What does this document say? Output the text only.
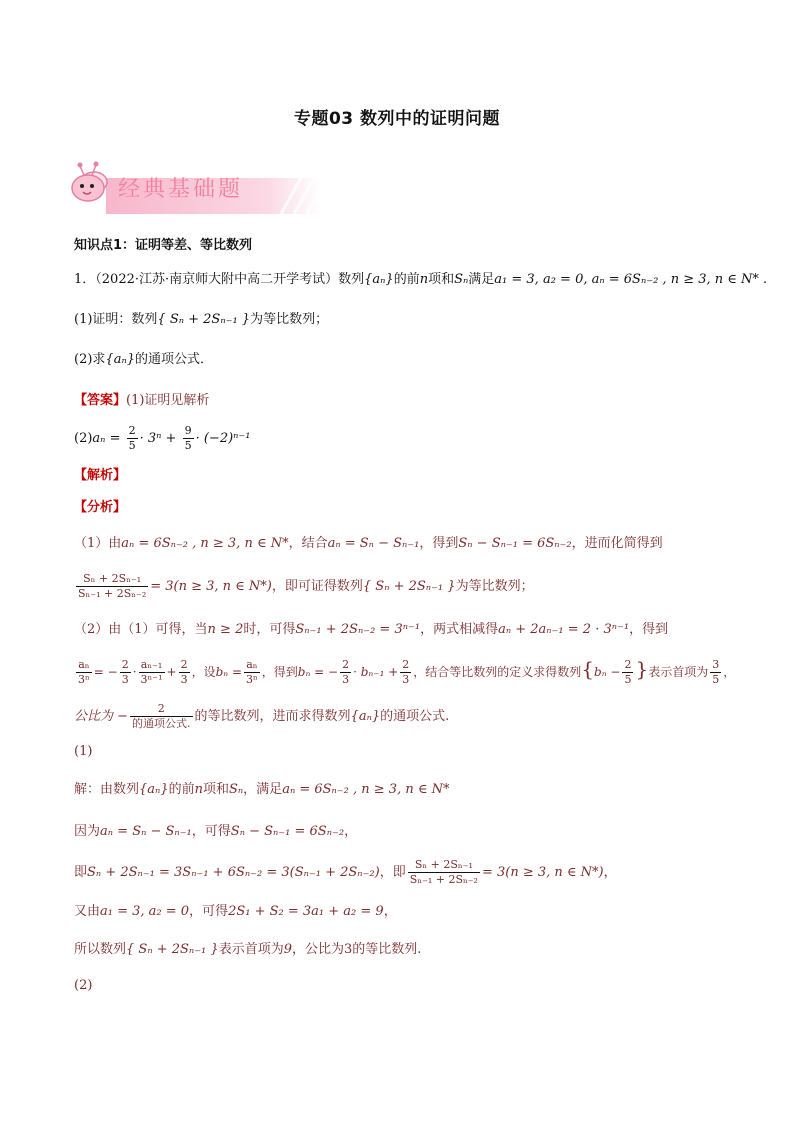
专题03 数列中的证明问题
经典基础题
知识点1：证明等差、等比数列
1．（2022·江苏·南京师大附中高二开学考试）数列{aₙ}的前n项和Sₙ满足a₁ = 3, a₂ = 0, aₙ = 6Sₙ₋₂ , n ≥ 3, n ∈ N* .
(1)证明：数列{ Sₙ + 2Sₙ₋₁ }为等比数列；
(2)求{aₙ}的通项公式．
【答案】(1)证明见解析
$(2)a_n = \frac{2}{5} \cdot 3^n + \frac{9}{5} \cdot (-2)^{n-1}$
【解析】
【分析】
（1）由aₙ = 6Sₙ₋₂ , n ≥ 3, n ∈ N*，结合aₙ = Sₙ − Sₙ₋₁，得到Sₙ − Sₙ₋₁ = 6Sₙ₋₂，进而化简得到
$\frac{\text{Sₙ + 2Sₙ₋₁}}{\text{Sₙ₋₁ + 2Sₙ₋₂}} = 3(n \ge 3$, n ∈ N*)，即可证得数列{ Sₙ + 2Sₙ₋₁ }为等比数列；
（2）由（1）可得，当n ≥ 2时，可得Sₙ₋₁ + 2Sₙ₋₂ = 3ⁿ⁻¹，两式相减得aₙ + 2aₙ₋₁ = 2 · 3ⁿ⁻¹，得到
$\frac{\text{aₙ}}{\text{3ⁿ}}$ = − $\frac{2}{3} \cdot \frac{\text{aₙ₋₁}}{\text{3ⁿ⁻¹}} + \frac{2}{3}$ ，设$b_n = \frac{\text{aₙ}}{\text{3ⁿ}}$ ，得到bₙ = − $\frac{2}{3} \cdot b_{n-1} + \frac{2}{3}$ ，结合等比数列的定义求得数列{$b_n - \frac{2}{5}$ }表示首项为 $\frac{3}{5}$ ，
公比为 − $\frac{2}{\text{的通项公式.}}$ 的等比数列，进而求得数列{aₙ}的通项公式.
(1)
解：由数列{aₙ}的前n项和Sₙ，满足aₙ = 6Sₙ₋₂ , n ≥ 3, n ∈ N*
因为aₙ = Sₙ − Sₙ₋₁，可得Sₙ − Sₙ₋₁ = 6Sₙ₋₂，
即Sₙ + 2Sₙ₋₁ = 3Sₙ₋₁ + 6Sₙ₋₂ = 3(Sₙ₋₁ + 2Sₙ₋₂)，即 $\frac{\text{Sₙ + 2Sₙ₋₁}}{\text{Sₙ₋₁ + 2Sₙ₋₂}} = 3(n \ge 3$, n ∈ N*)，
又由a₁ = 3, a₂ = 0，可得2S₁ + S₂ = 3a₁ + a₂ = 9，
所以数列{ Sₙ + 2Sₙ₋₁ }表示首项为9，公比为3的等比数列.
(2)
